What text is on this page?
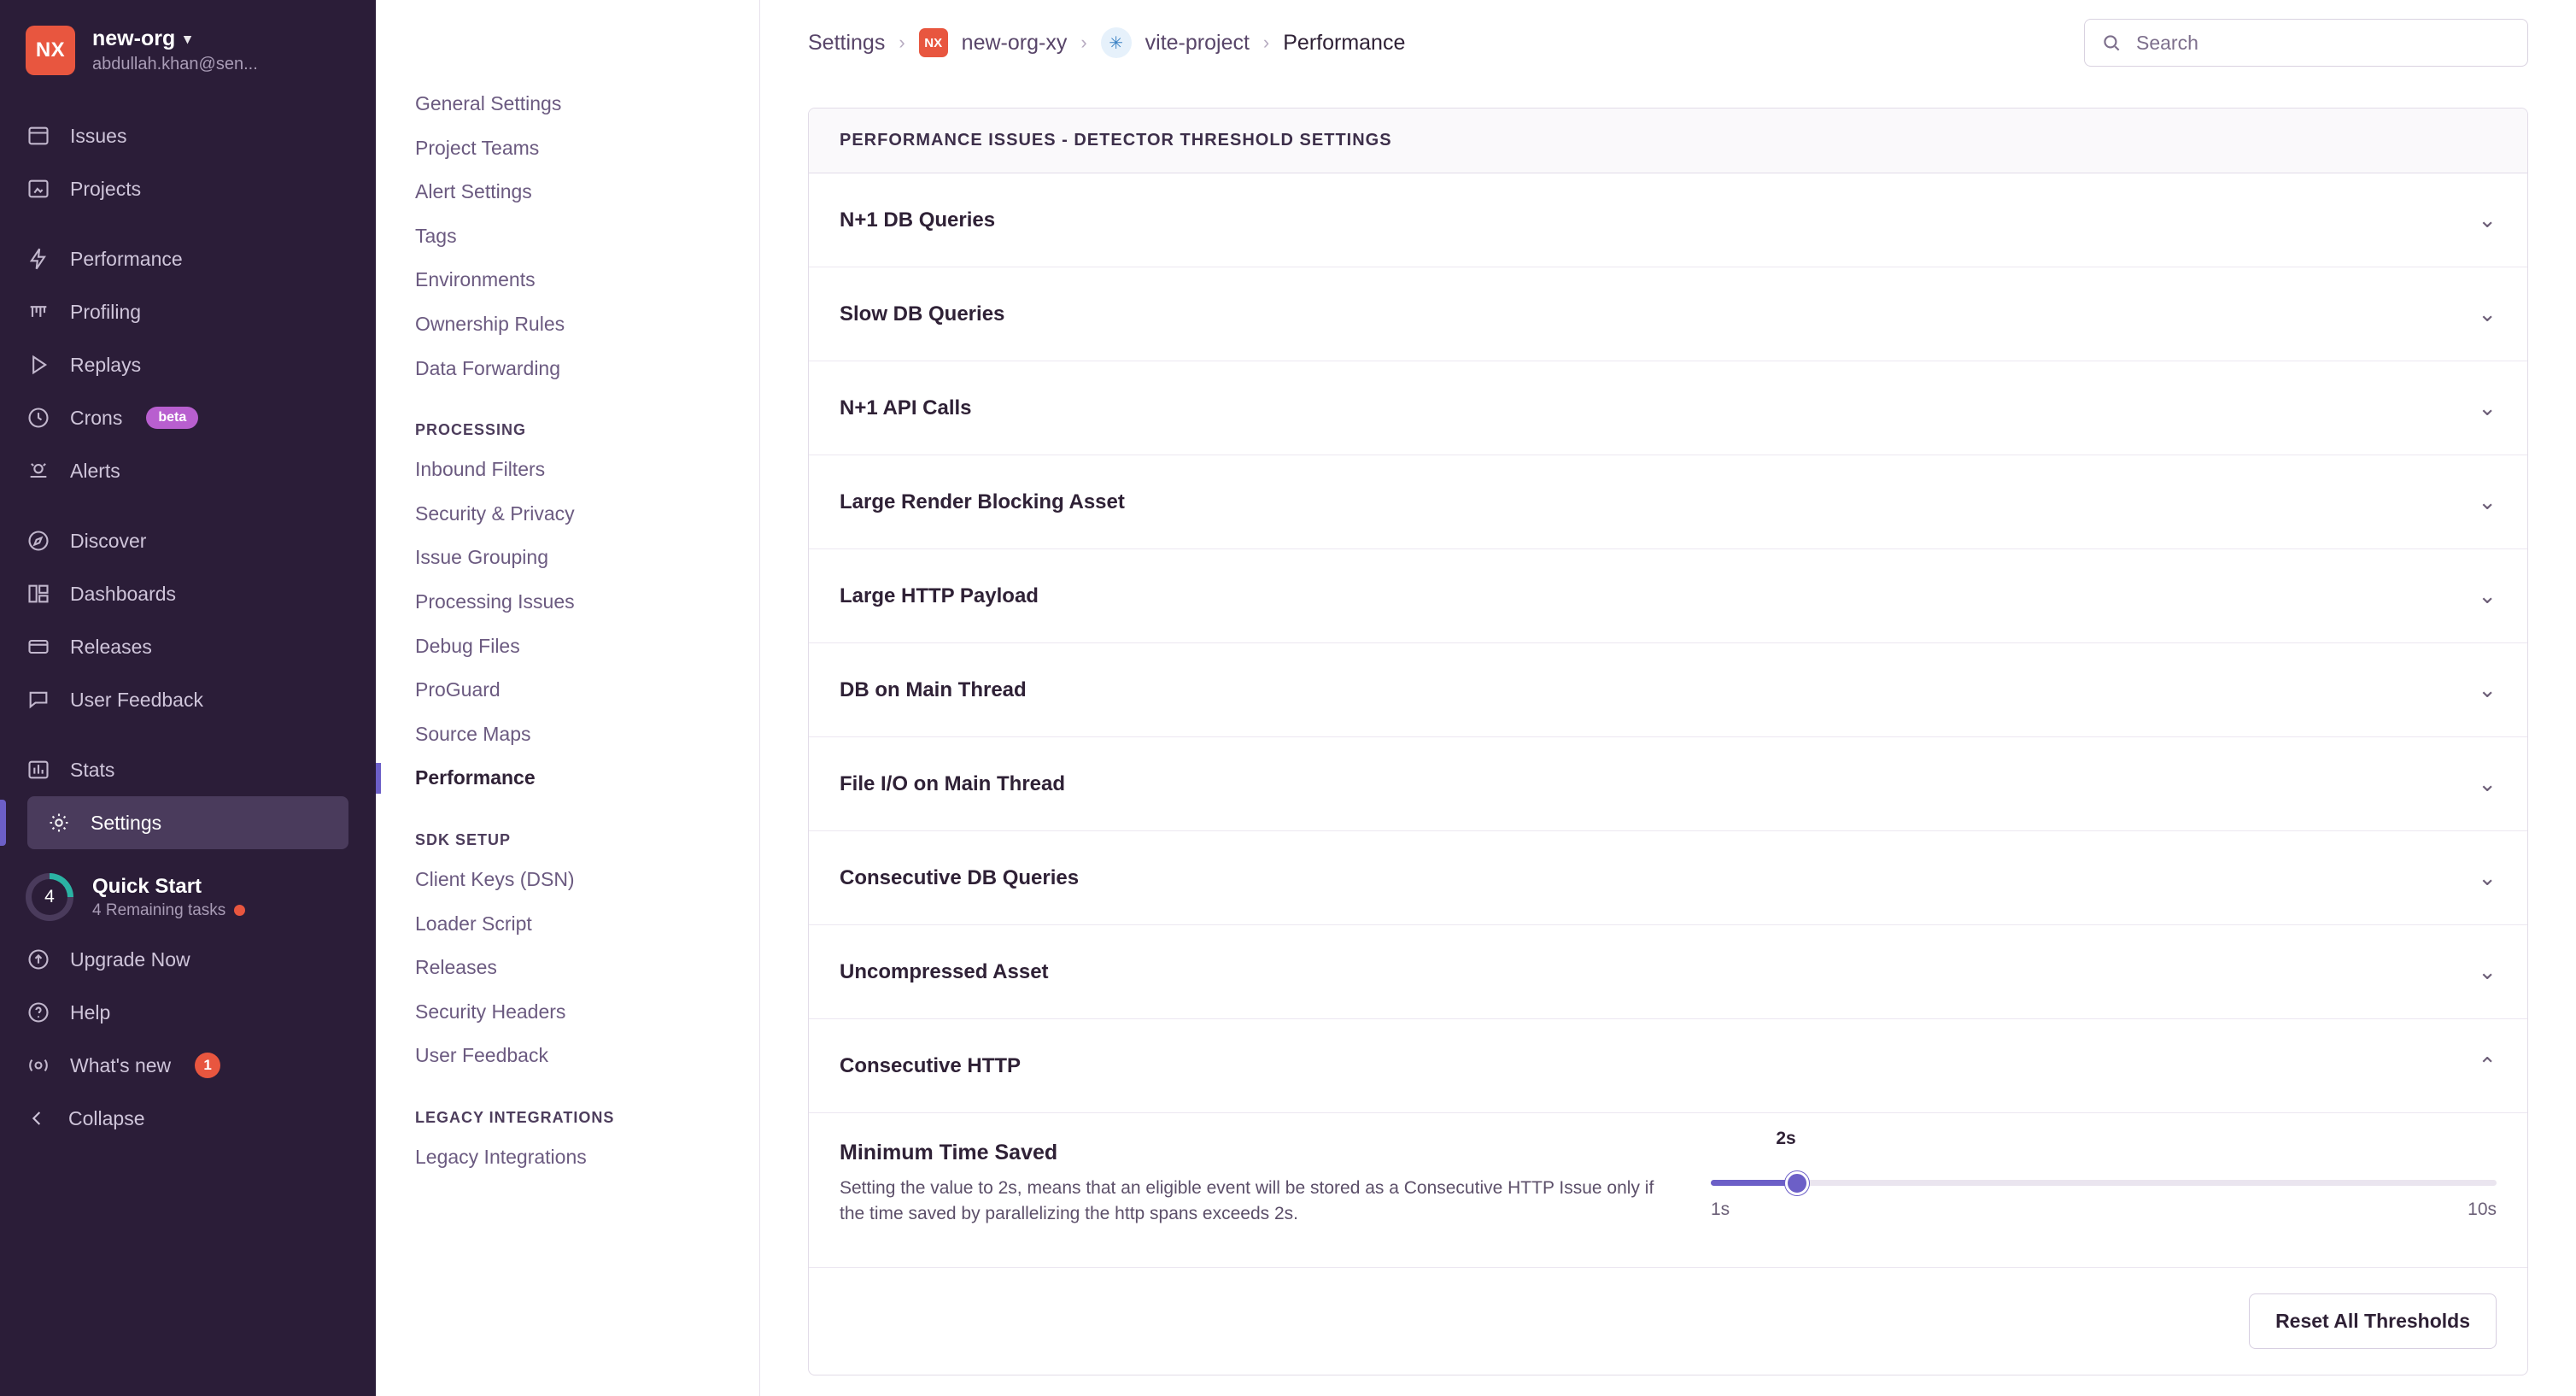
NX	new-org ▾
abdullah.khan@sen...
Issues
Projects
Performance
Profiling
Replays
Crons	beta
Alerts
Discover
Dashboards
Releases
User Feedback
Stats
Settings
4	Quick Start
4 Remaining tasks
Upgrade Now
Help
What's new	1
Collapse
General Settings
Project Teams
Alert Settings
Tags
Environments
Ownership Rules
Data Forwarding
PROCESSING
Inbound Filters
Security & Privacy
Issue Grouping
Processing Issues
Debug Files
ProGuard
Source Maps
Performance
SDK SETUP
Client Keys (DSN)
Loader Script
Releases
Security Headers
User Feedback
LEGACY INTEGRATIONS
Legacy Integrations
Settings ›	NX new-org-xy ›	✳	vite-project › Performance	Search
PERFORMANCE ISSUES - DETECTOR THRESHOLD SETTINGS
N+1 DB Queries	⌄
Slow DB Queries	⌄
N+1 API Calls	⌄
Large Render Blocking Asset	⌄
Large HTTP Payload	⌄
DB on Main Thread	⌄
File I/O on Main Thread	⌄
Consecutive DB Queries	⌄
Uncompressed Asset	⌄
Consecutive HTTP	⌃
Minimum Time Saved
Setting the value to 2s, means that an eligible event will be stored as a Consecutive HTTP Issue only if the time saved by parallelizing the http spans exceeds 2s.
2s
1s	10s
Reset All Thresholds
